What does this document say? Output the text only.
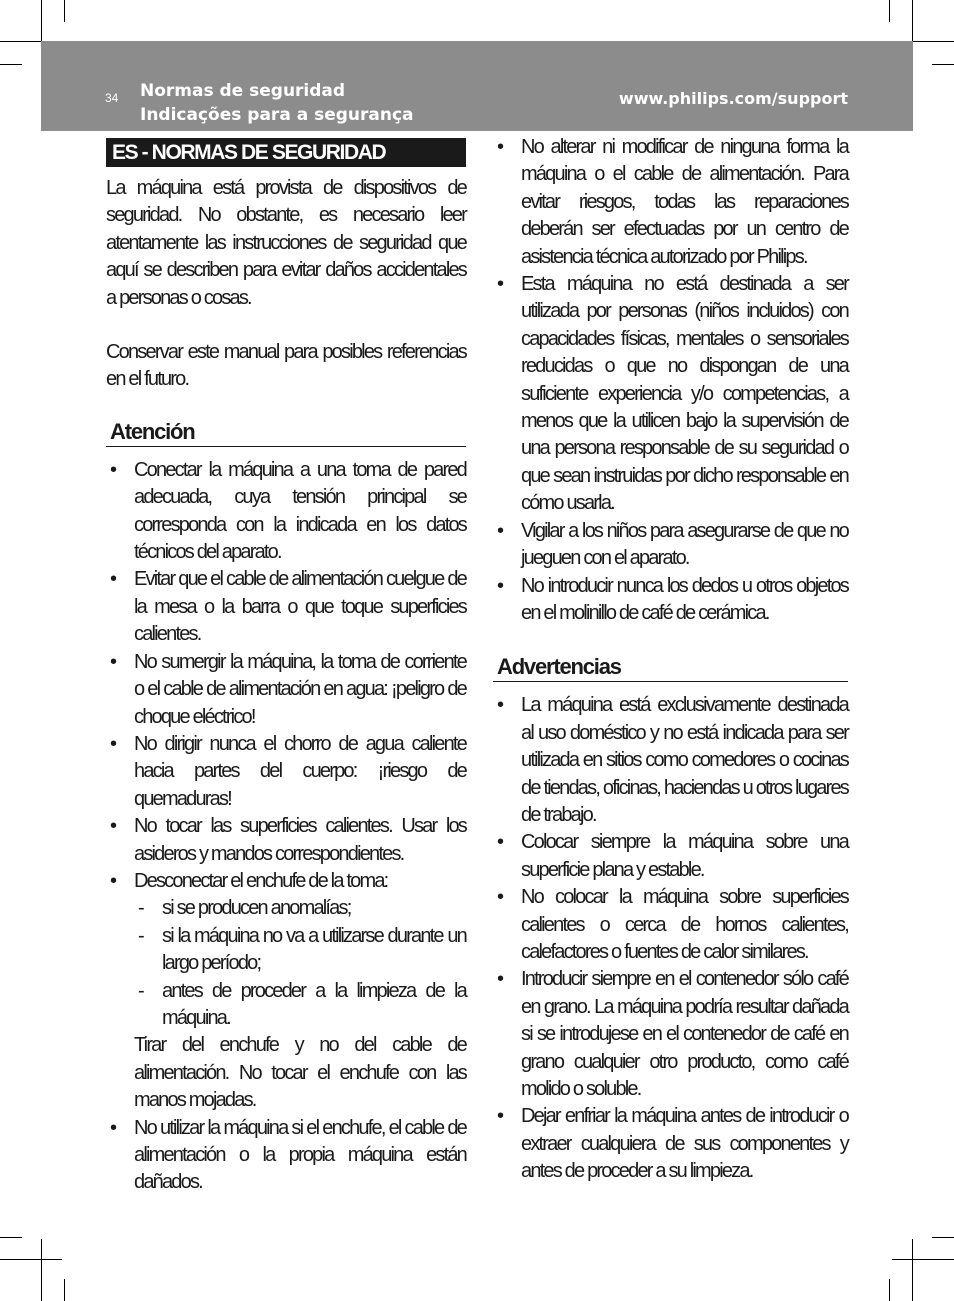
34 Normas de seguridad
Indicações para a segurança
www.philips.com/support
ES - NORMAS DE SEGURIDAD

La máquina está provista de dispositivos de seguridad. No obstante, es necesario leer atentamente las instrucciones de seguridad que aquí se describen para evitar daños accidentales a personas o cosas.

Conservar este manual para posibles referencias en el futuro.

Atención
• Conectar la máquina a una toma de pared adecuada, cuya tensión principal se corresponda con la indicada en los datos técnicos del aparato.
• Evitar que el cable de alimentación cuelgue de la mesa o la barra o que toque superficies calientes.
• No sumergir la máquina, la toma de corriente o el cable de alimentación en agua: ¡peligro de choque eléctrico!
• No dirigir nunca el chorro de agua caliente hacia partes del cuerpo: ¡riesgo de quemaduras!
• No tocar las superficies calientes. Usar los asideros y mandos correspondientes.
• Desconectar el enchufe de la toma:
- si se producen anomalías;
- si la máquina no va a utilizarse durante un largo período;
- antes de proceder a la limpieza de la máquina.
Tirar del enchufe y no del cable de alimentación. No tocar el enchufe con las manos mojadas.
• No utilizar la máquina si el enchufe, el cable de alimentación o la propia máquina están dañados.
• No alterar ni modificar de ninguna forma la máquina o el cable de alimentación. Para evitar riesgos, todas las reparaciones deberán ser efectuadas por un centro de asistencia técnica autorizado por Philips.
• Esta máquina no está destinada a ser utilizada por personas (niños incluidos) con capacidades físicas, mentales o sensoriales reducidas o que no dispongan de una suficiente experiencia y/o competencias, a menos que la utilicen bajo la supervisión de una persona responsable de su seguridad o que sean instruidas por dicho responsable en cómo usarla.
• Vigilar a los niños para asegurarse de que no jueguen con el aparato.
• No introducir nunca los dedos u otros objetos en el molinillo de café de cerámica.
Advertencias
• La máquina está exclusivamente destinada al uso doméstico y no está indicada para ser utilizada en sitios como comedores o cocinas de tiendas, oficinas, haciendas u otros lugares de trabajo.
• Colocar siempre la máquina sobre una superficie plana y estable.
• No colocar la máquina sobre superficies calientes o cerca de hornos calientes, calefactores o fuentes de calor similares.
• Introducir siempre en el contenedor sólo café en grano. La máquina podría resultar dañada si se introdujese en el contenedor de café en grano cualquier otro producto, como café molido o soluble.
• Dejar enfriar la máquina antes de introducir o extraer cualquiera de sus componentes y antes de proceder a su limpieza.
